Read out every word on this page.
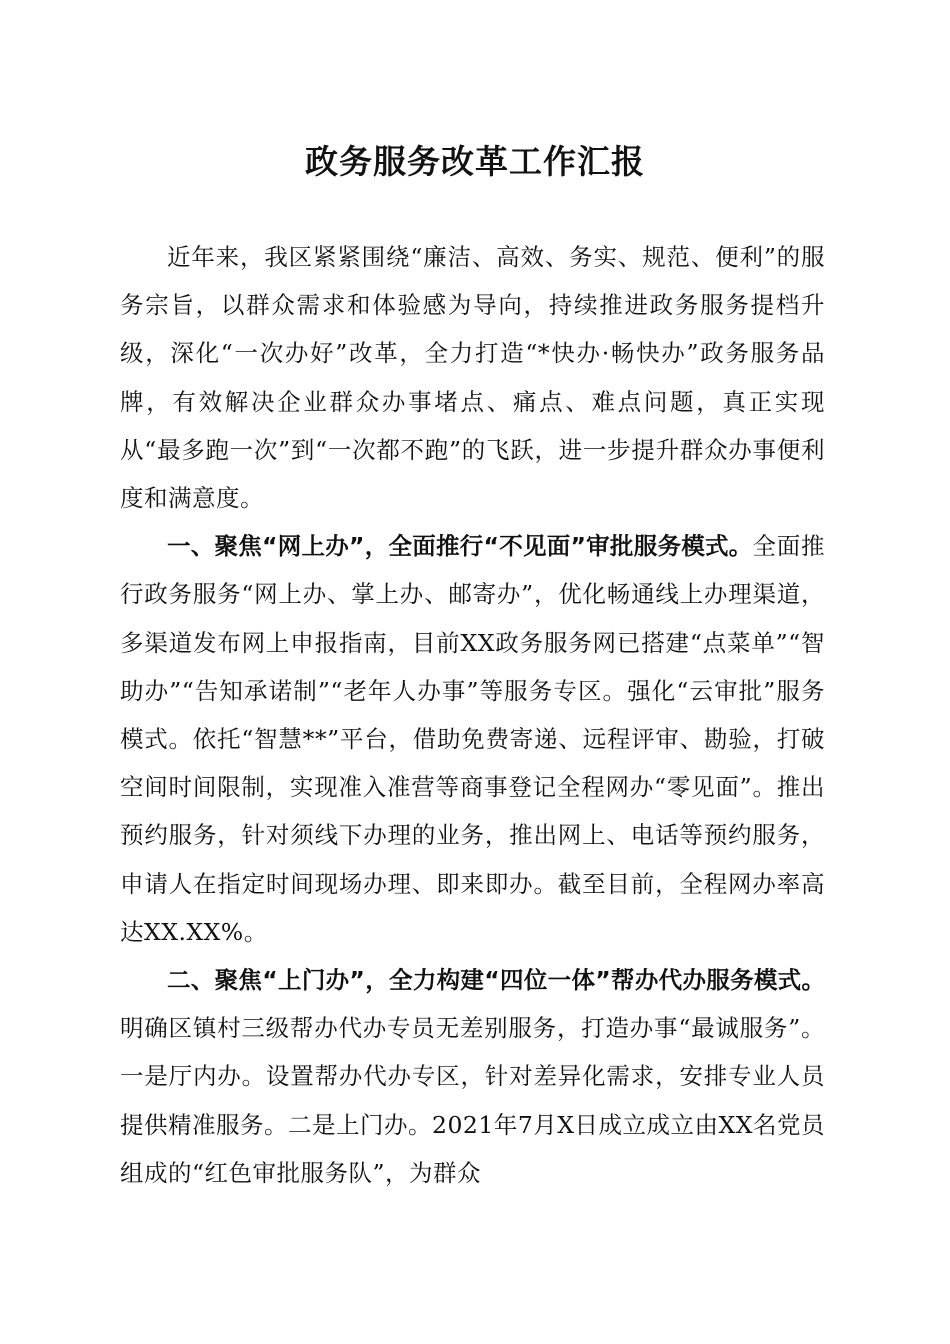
政务服务改革工作汇报

近年来，我区紧紧围绕“廉洁、高效、务实、规范、便利”的服务宗旨，以群众需求和体验感为导向，持续推进政务服务提档升级，深化“一次办好”改革，全力打造“*快办·畅快办”政务服务品牌，有效解决企业群众办事堵点、痛点、难点问题，真正实现从“最多跑一次”到“一次都不跑”的飞跃，进一步提升群众办事便利度和满意度。

一、聚焦“网上办”，全面推行“不见面”审批服务模式。全面推行政务服务“网上办、掌上办、邮寄办”，优化畅通线上办理渠道，多渠道发布网上申报指南，目前XX政务服务网已搭建“点菜单”“智助办”“告知承诺制”“老年人办事”等服务专区。强化“云审批”服务模式。依托“智慧**”平台，借助免费寄递、远程评审、勘验，打破空间时间限制，实现准入准营等商事登记全程网办“零见面”。推出预约服务，针对须线下办理的业务，推出网上、电话等预约服务，申请人在指定时间现场办理、即来即办。截至目前，全程网办率高达XX.XX%。

二、聚焦“上门办”，全力构建“四位一体”帮办代办服务模式。明确区镇村三级帮办代办专员无差别服务，打造办事“最诚服务”。一是厅内办。设置帮办代办专区，针对差异化需求，安排专业人员提供精准服务。二是上门办。2021年7月X日成立成立由XX名党员组成的“红色审批服务队”，为群众
